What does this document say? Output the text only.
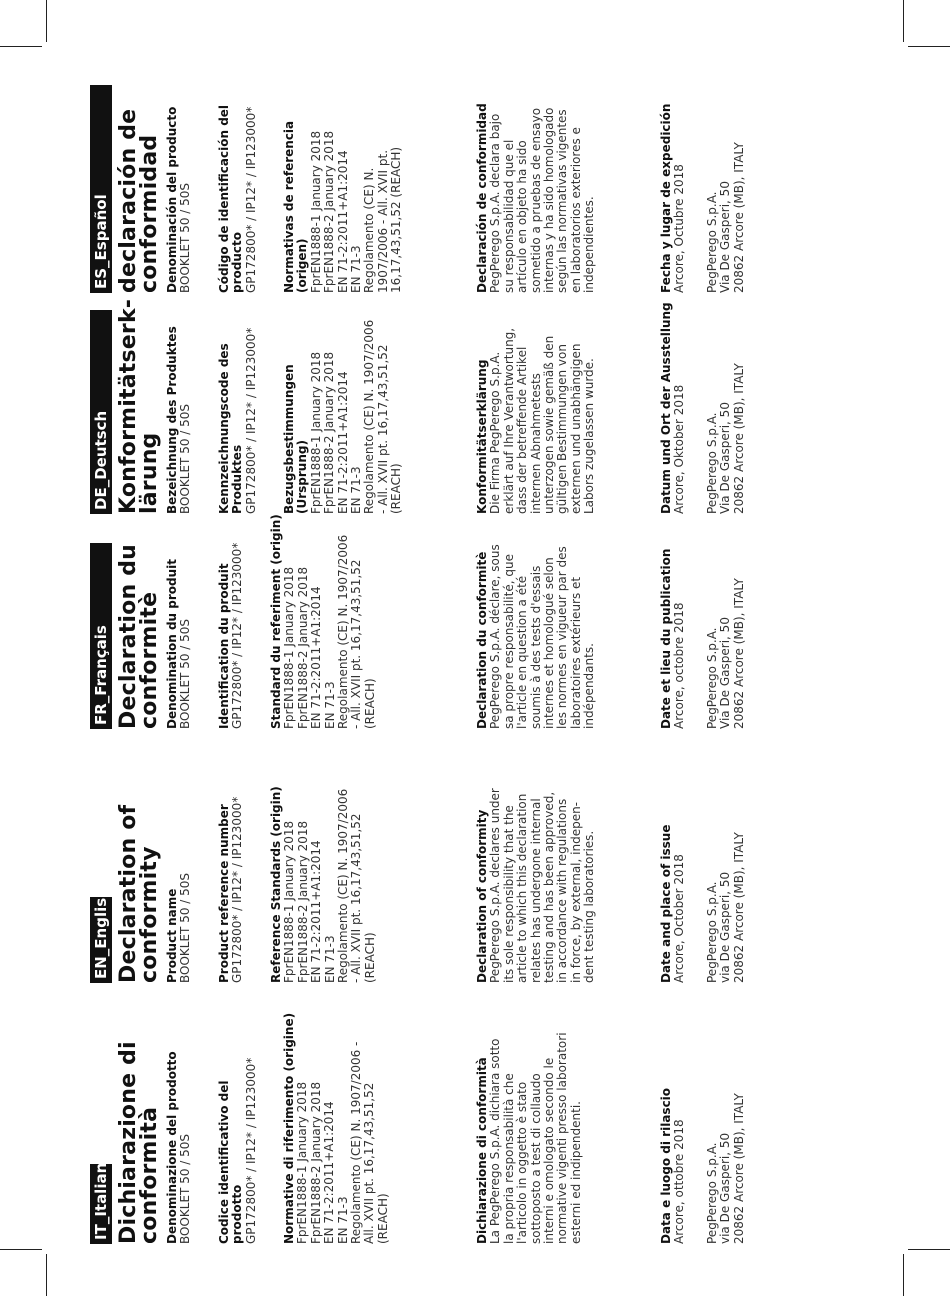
IT_Italiano Dichiarazione di
conformità Denominazione del prodotto BOOKLET 50 / 50S Codice identificativo del
prodotto GP172800* / IP12* / IP123000* Normative di riferimento (origine) FprEN1888-1 January 2018
FprEN1888-2 January 2018
EN 71-2:2011+A1:2014
EN 71-3
Regolamento (CE) N. 1907/2006 -
All. XVII pt. 16,17,43,51,52
(REACH)	Dichiarazione di conformità La PegPerego S.p.A. dichiara sotto
la propria responsabilità che
l'articolo in oggetto è stato
sottoposto a test di collaudo
interni e omologato secondo le
normative vigenti presso laboratori
esterni ed indipendenti.	Data e luogo di rilascio Arcore, ottobre 2018 PegPerego S.p.A.
via De Gasperi, 50
20862 Arcore (MB), ITALY
EN_English Declaration of
conformity Product name BOOKLET 50 / 50S Product reference number GP172800* / IP12* / IP123000* Reference Standards (origin) FprEN1888-1 January 2018
FprEN1888-2 January 2018
EN 71-2:2011+A1:2014
EN 71-3
Regolamento (CE) N. 1907/2006
- All. XVII pt. 16,17,43,51,52
(REACH)	Declaration of conformity PegPerego S.p.A. declares under
its sole responsibility that the
article to which this declaration
relates has undergone internal
testing and has been approved,
in accordance with regulations
in force, by external, indepen-
dent testing laboratories.	Date and place of issue Arcore, October 2018 PegPerego S.p.A.
via De Gasperi, 50
20862 Arcore (MB), ITALY
FR_Français Declaration du
conformitè Denomination du produit BOOKLET 50 / 50S Identification du produit GP172800* / IP12* / IP123000* Standard du referiment (origin) FprEN1888-1 January 2018
FprEN1888-2 January 2018
EN 71-2:2011+A1:2014
EN 71-3
Regolamento (CE) N. 1907/2006
- All. XVII pt. 16,17,43,51,52
(REACH)	Declaration du conformitè PegPerego S.p.A. déclare, sous
sa propre responsabilité, que
l'article en question a été
soumis à des tests d'essais
internes et homologué selon
les normes en vigueur par des
laboratoires extérieurs et
indépendants.	Date et lieu du publication Arcore, octobre 2018 PegPerego S.p.A.
Via De Gasperi, 50
20862 Arcore (MB), ITALY
DE_Deutsch Konformitätserk-
lärung Bezeichnung des Produktes BOOKLET 50 / 50S Kennzeichnungscode des
Produktes GP172800* / IP12* / IP123000* Bezugsbestimmungen
(Ursprung) FprEN1888-1 January 2018
FprEN1888-2 January 2018
EN 71-2:2011+A1:2014
EN 71-3
Regolamento (CE) N. 1907/2006
- All. XVII pt. 16,17,43,51,52
(REACH)	Konformitätserklärung Die Firma PegPerego S.p.A.
erklärt auf Ihre Verantwortung,
dass der betreffende Artikel
internen Abnahmetests
unterzogen sowie gemäß den
gültigen Bestimmungen von
externen und unabhängigen
Labors zugelassen wurde.	Datum und Ort der Ausstellung Arcore, Oktober 2018 PegPerego S.p.A.
Via De Gasperi, 50
20862 Arcore (MB), ITALY
ES_Español declaración de
conformidad Denominación del producto BOOKLET 50 / 50S Código de identificación del
producto GP172800* / IP12* / IP123000* Normativas de referencia
(origen) FprEN1888-1 January 2018
FprEN1888-2 January 2018
EN 71-2:2011+A1:2014
EN 71-3
Regolamento (CE) N.
1907/2006 - All. XVII pt.
16,17,43,51,52 (REACH)	Declaración de conformidad PegPerego S.p.A. declara bajo
su responsabilidad que el
artículo en objeto ha sido
sometido a pruebas de ensayo
internas y ha sido homologado
según las normativas vigentes
en laboratorios exteriores e
independientes.	Fecha y lugar de expedición Arcore, Octubre 2018 PegPerego S.p.A.
Via De Gasperi, 50
20862 Arcore (MB), ITALY
